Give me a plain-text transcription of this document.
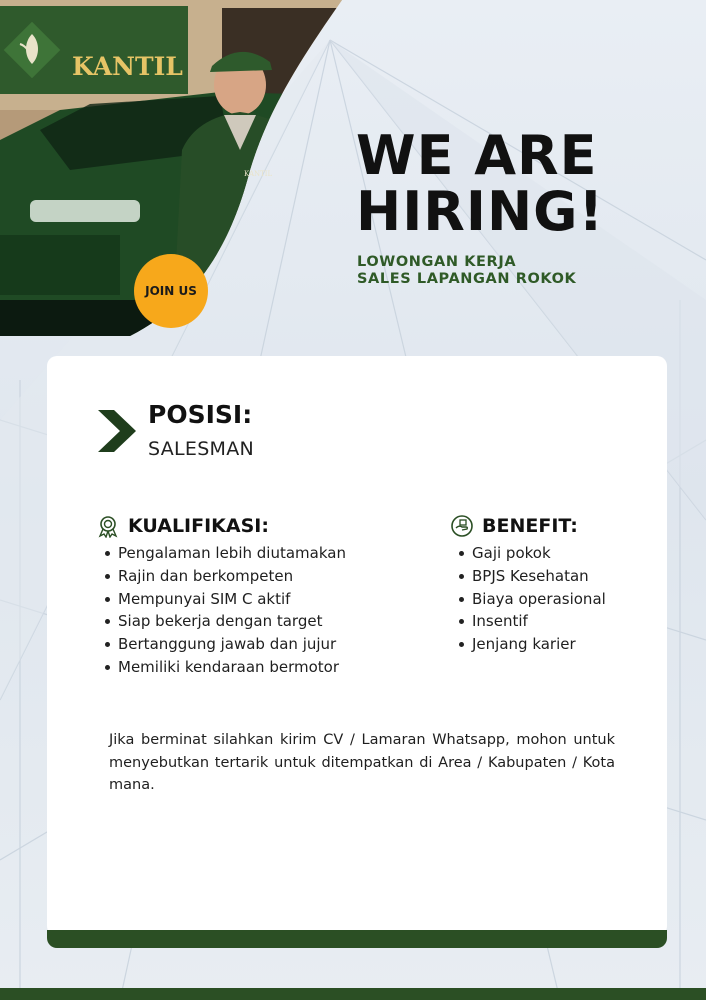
KANTIL
KANTIL
JOIN US
WE ARE
HIRING!
LOWONGAN KERJA
SALES LAPANGAN ROKOK
POSISI:
SALESMAN
KUALIFIKASI:
Pengalaman lebih diutamakan
Rajin dan berkompeten
Mempunyai SIM C aktif
Siap bekerja dengan target
Bertanggung jawab dan jujur
Memiliki kendaraan bermotor
BENEFIT:
Gaji pokok
BPJS Kesehatan
Biaya operasional
Insentif
Jenjang karier

Jika berminat silahkan kirim CV / Lamaran Whatsapp, mohon untuk menyebutkan tertarik untuk ditempatkan di Area / Kabupaten / Kota mana.
